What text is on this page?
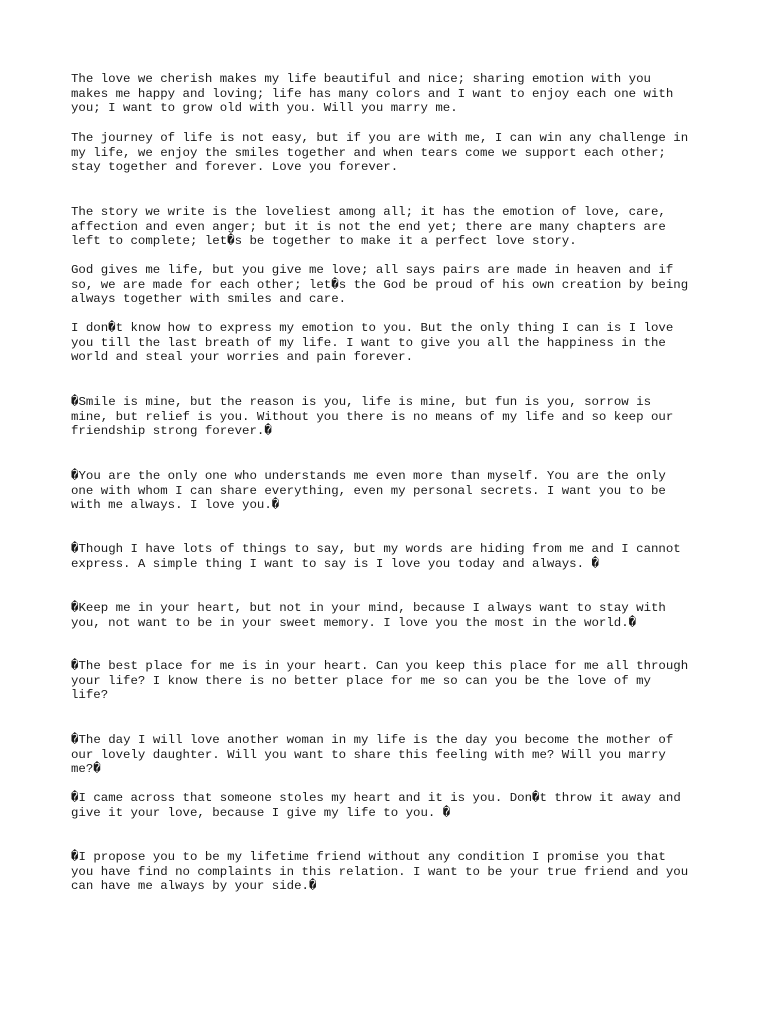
The love we cherish makes my life beautiful and nice; sharing emotion with you
makes me happy and loving; life has many colors and I want to enjoy each one with
you; I want to grow old with you. Will you marry me.

The journey of life is not easy, but if you are with me, I can win any challenge in
my life, we enjoy the smiles together and when tears come we support each other;
stay together and forever. Love you forever.

The story we write is the loveliest among all; it has the emotion of love, care,
affection and even anger; but it is not the end yet; there are many chapters are
left to complete; let�s be together to make it a perfect love story.

God gives me life, but you give me love; all says pairs are made in heaven and if
so, we are made for each other; let�s the God be proud of his own creation by being
always together with smiles and care.

I don�t know how to express my emotion to you. But the only thing I can is I love
you till the last breath of my life. I want to give you all the happiness in the
world and steal your worries and pain forever.

�Smile is mine, but the reason is you, life is mine, but fun is you, sorrow is
mine, but relief is you. Without you there is no means of my life and so keep our
friendship strong forever.�

�You are the only one who understands me even more than myself. You are the only
one with whom I can share everything, even my personal secrets. I want you to be
with me always. I love you.�

�Though I have lots of things to say, but my words are hiding from me and I cannot
express. A simple thing I want to say is I love you today and always. �

�Keep me in your heart, but not in your mind, because I always want to stay with
you, not want to be in your sweet memory. I love you the most in the world.�

�The best place for me is in your heart. Can you keep this place for me all through
your life? I know there is no better place for me so can you be the love of my
life?

�The day I will love another woman in my life is the day you become the mother of
our lovely daughter. Will you want to share this feeling with me? Will you marry
me?�

�I came across that someone stoles my heart and it is you. Don�t throw it away and
give it your love, because I give my life to you. �

�I propose you to be my lifetime friend without any condition I promise you that
you have find no complaints in this relation. I want to be your true friend and you
can have me always by your side.�
